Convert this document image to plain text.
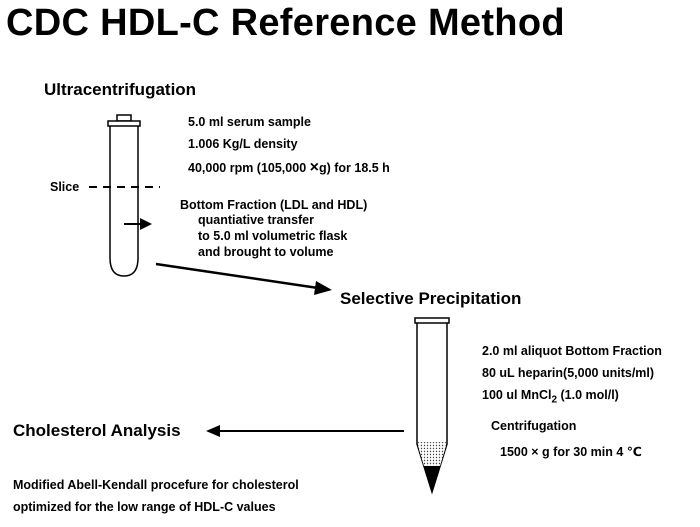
CDC HDL-C Reference Method
Ultracentrifugation
5.0 ml serum sample
1.006 Kg/L density
40,000 rpm (105,000 ×g) for 18.5 h
Slice
Bottom Fraction (LDL and HDL)
quantiative transfer
to 5.0 ml volumetric flask
and brought to volume
Selective Precipitation
2.0 ml aliquot Bottom Fraction
80 uL heparin(5,000 units/ml)
100 ul MnCl$_2$ (1.0 mol/l)
Centrifugation
1500 × g for 30 min 4 ℃
Cholesterol Analysis
Modified Abell-Kendall procefure for cholesterol
optimized for the low range of HDL-C values
